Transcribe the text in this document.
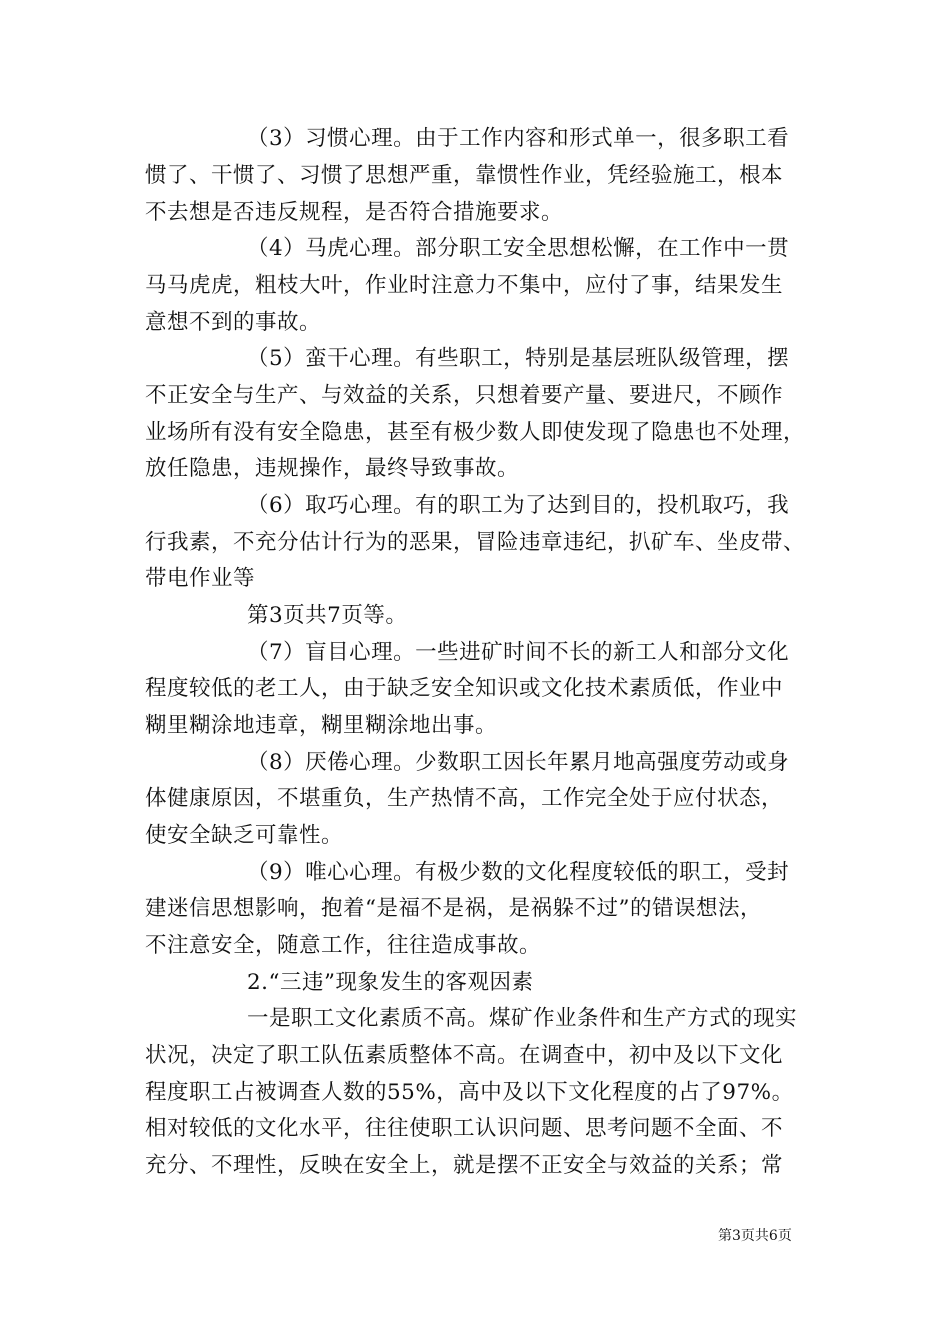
（3）习惯心理。由于工作内容和形式单一，很多职工看
惯了、干惯了、习惯了思想严重，靠惯性作业，凭经验施工，根本
不去想是否违反规程，是否符合措施要求。
（4）马虎心理。部分职工安全思想松懈，在工作中一贯
马马虎虎，粗枝大叶，作业时注意力不集中，应付了事，结果发生
意想不到的事故。
（5）蛮干心理。有些职工，特别是基层班队级管理，摆
不正安全与生产、与效益的关系，只想着要产量、要进尺，不顾作
业场所有没有安全隐患，甚至有极少数人即使发现了隐患也不处理，
放任隐患，违规操作，最终导致事故。
（6）取巧心理。有的职工为了达到目的，投机取巧，我
行我素，不充分估计行为的恶果，冒险违章违纪，扒矿车、坐皮带、
带电作业等
第3页共7页等。
（7）盲目心理。一些进矿时间不长的新工人和部分文化
程度较低的老工人，由于缺乏安全知识或文化技术素质低，作业中
糊里糊涂地违章，糊里糊涂地出事。
（8）厌倦心理。少数职工因长年累月地高强度劳动或身
体健康原因，不堪重负，生产热情不高，工作完全处于应付状态，
使安全缺乏可靠性。
（9）唯心心理。有极少数的文化程度较低的职工，受封
建迷信思想影响，抱着“是福不是祸，是祸躲不过”的错误想法，
不注意安全，随意工作，往往造成事故。
2.“三违”现象发生的客观因素
一是职工文化素质不高。煤矿作业条件和生产方式的现实
状况，决定了职工队伍素质整体不高。在调查中，初中及以下文化
程度职工占被调查人数的55%，高中及以下文化程度的占了97%。
相对较低的文化水平，往往使职工认识问题、思考问题不全面、不
充分、不理性，反映在安全上，就是摆不正安全与效益的关系；常
第3页共6页
